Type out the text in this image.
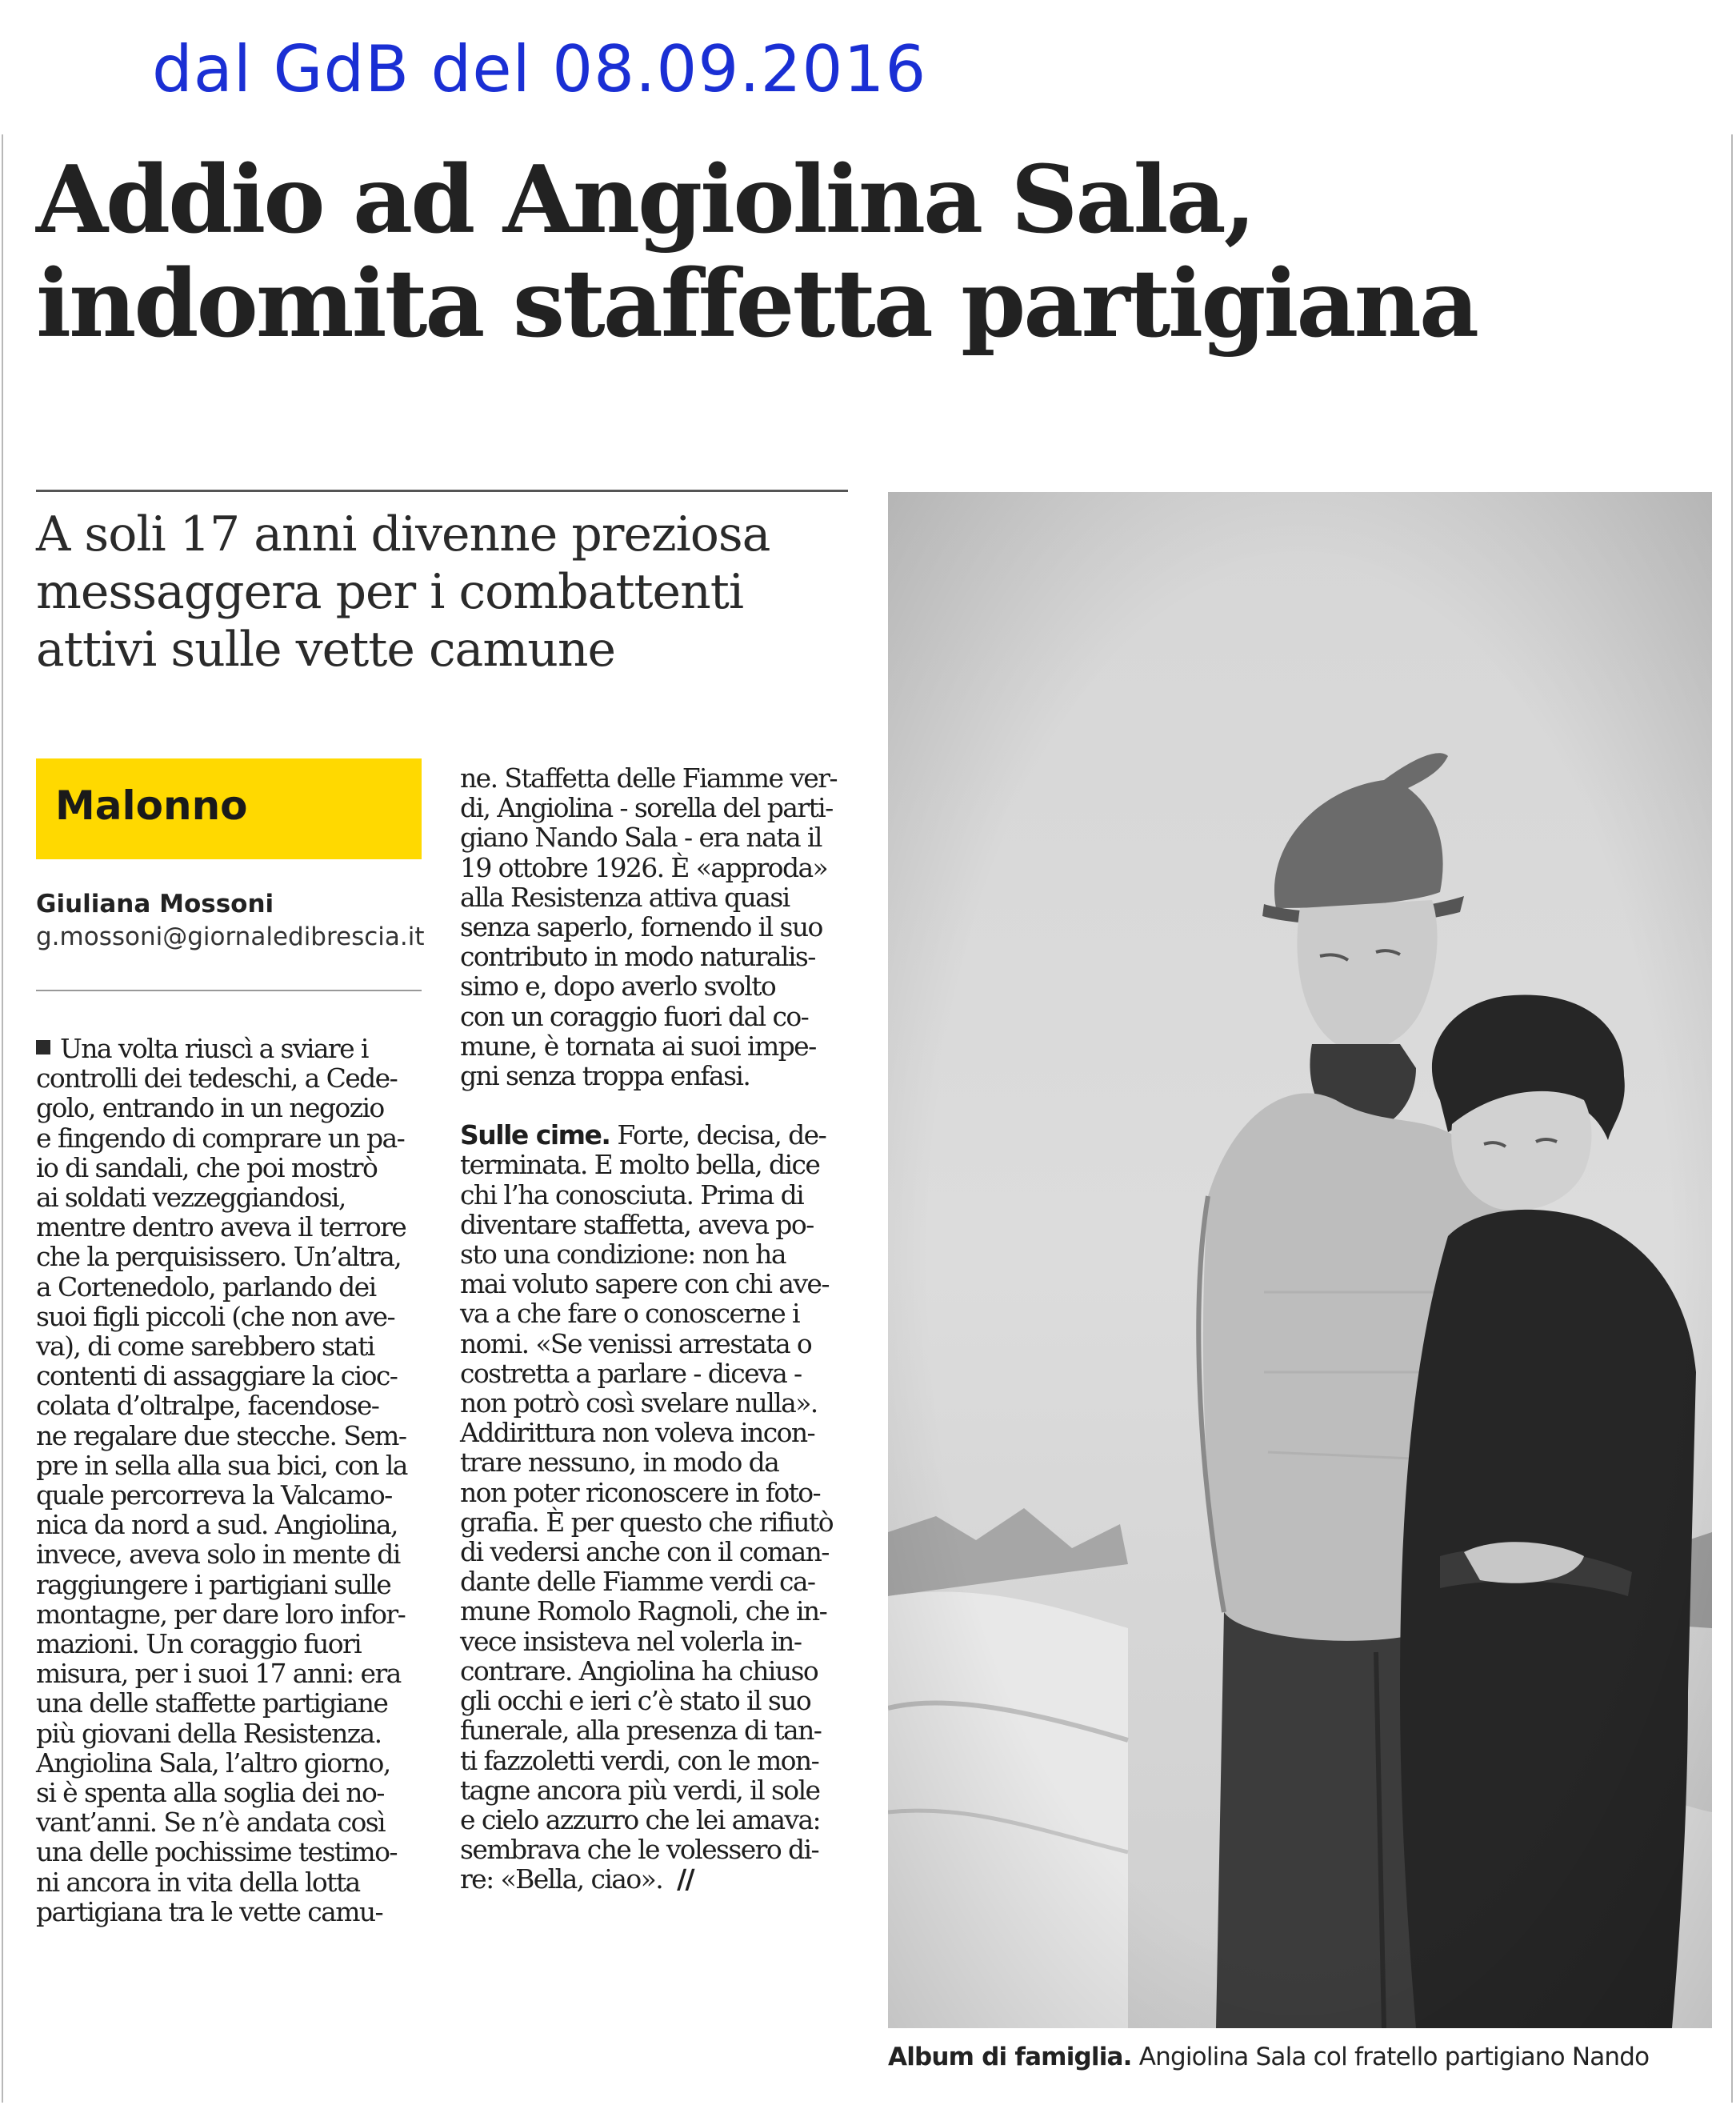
dal GdB del 08.09.2016
Addio ad Angiolina Sala,
indomita staffetta partigiana
A soli 17 anni divenne preziosa
messaggera per i combattenti
attivi sulle vette camune
Malonno
Giuliana Mossoni
g.mossoni@giornaledibrescia.it
Una volta riuscì a sviare i
controlli dei tedeschi, a Cede-
golo, entrando in un negozio
e fingendo di comprare un pa-
io di sandali, che poi mostrò
ai soldati vezzeggiandosi,
mentre dentro aveva il terrore
che la perquisissero. Un’altra,
a Cortenedolo, parlando dei
suoi figli piccoli (che non ave-
va), di come sarebbero stati
contenti di assaggiare la cioc-
colata d’oltralpe, facendose-
ne regalare due stecche. Sem-
pre in sella alla sua bici, con la
quale percorreva la Valcamo-
nica da nord a sud. Angiolina,
invece, aveva solo in mente di
raggiungere i partigiani sulle
montagne, per dare loro infor-
mazioni. Un coraggio fuori
misura, per i suoi 17 anni: era
una delle staffette partigiane
più giovani della Resistenza.
Angiolina Sala, l’altro giorno,
si è spenta alla soglia dei no-
vant’anni. Se n’è andata così
una delle pochissime testimo-
ni ancora in vita della lotta
partigiana tra le vette camu-
ne. Staffetta delle Fiamme ver-
di, Angiolina - sorella del parti-
giano Nando Sala - era nata il
19 ottobre 1926. È «approda»
alla Resistenza attiva quasi
senza saperlo, fornendo il suo
contributo in modo naturalis-
simo e, dopo averlo svolto
con un coraggio fuori dal co-
mune, è tornata ai suoi impe-
gni senza troppa enfasi.
Sulle cime. Forte, decisa, de-
terminata. E molto bella, dice
chi l’ha conosciuta. Prima di
diventare staffetta, aveva po-
sto una condizione: non ha
mai voluto sapere con chi ave-
va a che fare o conoscerne i
nomi. «Se venissi arrestata o
costretta a parlare - diceva -
non potrò così svelare nulla».
Addirittura non voleva incon-
trare nessuno, in modo da
non poter riconoscere in foto-
grafia. È per questo che rifiutò
di vedersi anche con il coman-
dante delle Fiamme verdi ca-
mune Romolo Ragnoli, che in-
vece insisteva nel volerla in-
contrare. Angiolina ha chiuso
gli occhi e ieri c’è stato il suo
funerale, alla presenza di tan-
ti fazzoletti verdi, con le mon-
tagne ancora più verdi, il sole
e cielo azzurro che lei amava:
sembrava che le volessero di-
re: «Bella, ciao». //
Album di famiglia. Angiolina Sala col fratello partigiano Nando
